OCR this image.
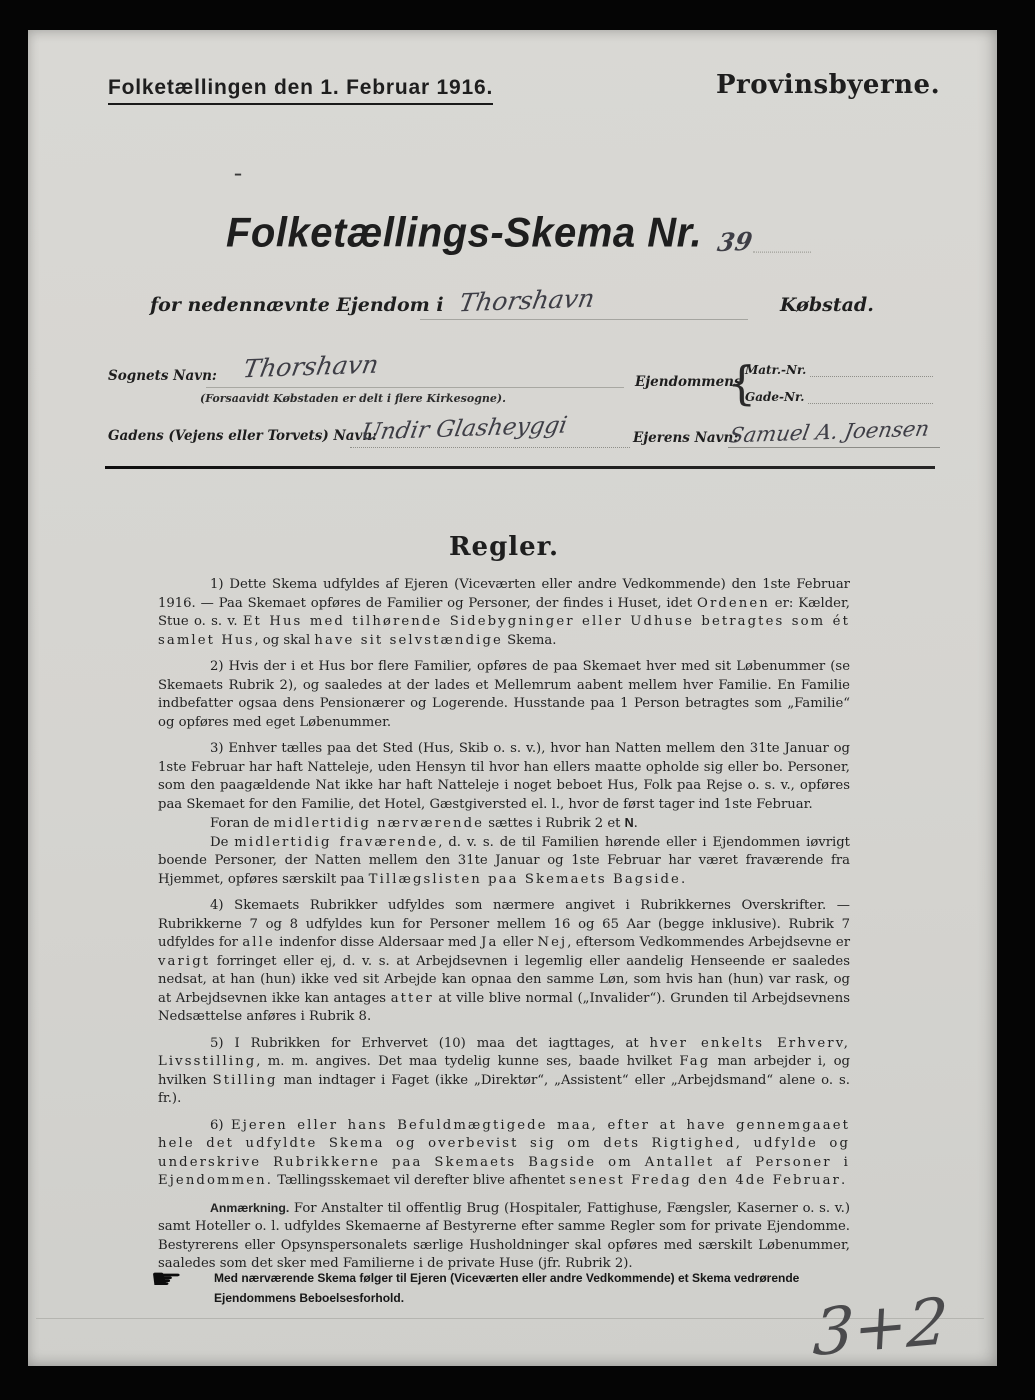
Folketællingen den 1. Februar 1916.	Provinsbyerne.
–
Folketællings-Skema Nr. 39
for nedennævnte Ejendom i Thorshavn	Købstad.
Sognets Navn: Thorshavn
(Forsaavidt Købstaden er delt i flere Kirkesogne).
Ejendommens
{
Matr.-Nr.
Gade-Nr.
Gadens (Vejens eller Torvets) Navn:
Undir Glasheyggi	Ejerens Navn:
Samuel A. Joensen
Regler.

1) Dette Skema udfyldes af Ejeren (Viceværten eller andre Vedkommende) den 1ste Februar 1916. — Paa Skemaet opføres de Familier og Personer, der findes i Huset, idet Ordenen er: Kælder, Stue o. s. v. Et Hus med tilhørende Sidebygninger eller Udhuse betragtes som ét samlet Hus, og skal have sit selvstændige Skema.

2) Hvis der i et Hus bor flere Familier, opføres de paa Skemaet hver med sit Løbenummer (se Skemaets Rubrik 2), og saaledes at der lades et Mellemrum aabent mellem hver Familie. En Familie indbefatter ogsaa dens Pensionærer og Logerende. Husstande paa 1 Person betragtes som „Familie“ og opføres med eget Løbenummer.

3) Enhver tælles paa det Sted (Hus, Skib o. s. v.), hvor han Natten mellem den 31te Januar og 1ste Februar har haft Natteleje, uden Hensyn til hvor han ellers maatte opholde sig eller bo. Personer, som den paagældende Nat ikke har haft Natteleje i noget beboet Hus, Folk paa Rejse o. s. v., opføres paa Skemaet for den Familie, det Hotel, Gæstgiversted el. l., hvor de først tager ind 1ste Februar.

Foran de midlertidig nærværende sættes i Rubrik 2 et N.

De midlertidig fraværende, d. v. s. de til Familien hørende eller i Ejendommen iøvrigt boende Personer, der Natten mellem den 31te Januar og 1ste Februar har været fraværende fra Hjemmet, opføres særskilt paa Tillægslisten paa Skemaets Bagside.

4) Skemaets Rubrikker udfyldes som nærmere angivet i Rubrikkernes Overskrifter. — Rubrikkerne 7 og 8 udfyldes kun for Personer mellem 16 og 65 Aar (begge inklusive). Rubrik 7 udfyldes for alle indenfor disse Aldersaar med Ja eller Nej, eftersom Vedkommendes Arbejdsevne er varigt forringet eller ej, d. v. s. at Arbejdsevnen i legemlig eller aandelig Henseende er saaledes nedsat, at han (hun) ikke ved sit Arbejde kan opnaa den samme Løn, som hvis han (hun) var rask, og at Arbejdsevnen ikke kan antages atter at ville blive normal („Invalider“). Grunden til Arbejdsevnens Nedsættelse anføres i Rubrik 8.

5) I Rubrikken for Erhvervet (10) maa det iagttages, at hver enkelts Erhverv, Livsstilling, m. m. angives. Det maa tydelig kunne ses, baade hvilket Fag man arbejder i, og hvilken Stilling man indtager i Faget (ikke „Direktør“, „Assistent“ eller „Arbejdsmand“ alene o. s. fr.).

6) Ejeren eller hans Befuldmægtigede maa, efter at have gennemgaaet hele det udfyldte Skema og overbevist sig om dets Rigtighed, udfylde og underskrive Rubrikkerne paa Skemaets Bagside om Antallet af Personer i Ejendommen. Tællingsskemaet vil derefter blive afhentet senest Fredag den 4de Februar.

Anmærkning. For Anstalter til offentlig Brug (Hospitaler, Fattighuse, Fængsler, Kaserner o. s. v.) samt Hoteller o. l. udfyldes Skemaerne af Bestyrerne efter samme Regler som for private Ejendomme. Bestyrerens eller Opsynspersonalets særlige Husholdninger skal opføres med særskilt Løbenummer, saaledes som det sker med Familierne i de private Huse (jfr. Rubrik 2).

☛	Med nærværende Skema følger til Ejeren (Viceværten eller andre Vedkommende) et Skema vedrørende Ejendommens Beboelsesforhold.	3+2
